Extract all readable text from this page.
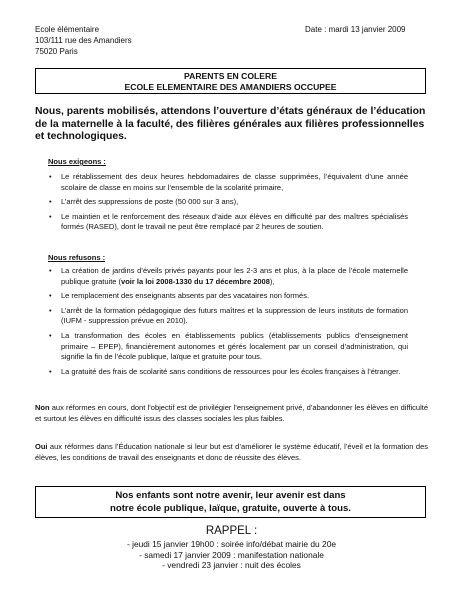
Ecole élémentaire
103/111 rue des Amandiers
75020 Paris
Date : mardi 13 janvier 2009
PARENTS EN COLERE
ECOLE ELEMENTAIRE DES AMANDIERS OCCUPEE
Nous, parents mobilisés, attendons l’ouverture d’états généraux de l’éducation de la maternelle à la faculté, des filières générales aux filières professionnelles et technologiques.
Nous exigeons :
• Le rétablissement des deux heures hebdomadaires de classe supprimées, l’équivalent d’une année scolaire de classe en moins sur l’ensemble de la scolarité primaire,
• L’arrêt des suppressions de poste (50 000 sur 3 ans),
• Le maintien et le renforcement des réseaux d’aide aux élèves en difficulté par des maîtres spécialisés formés (RASED), dont le travail ne peut être remplacé par 2 heures de soutien.
Nous refusons :
• La création de jardins d’éveils privés payants pour les 2-3 ans et plus, à la place de l’école maternelle publique gratuite (voir la loi 2008-1330 du 17 décembre 2008),
• Le remplacement des enseignants absents par des vacataires non formés.
• L’arrêt de la formation pédagogique des futurs maîtres et la suppression de leurs instituts de formation (IUFM - suppression prévue en 2010).
• La transformation des écoles en établissements publics (établissements publics d’enseignement primaire – EPEP), financièrement autonomes et gérés localement par un conseil d’administration, qui signifie la fin de l’école publique, laïque et gratuite pour tous.
• La gratuité des frais de scolarité sans conditions de ressources pour les écoles françaises à l’étranger.

Non aux réformes en cours, dont l’objectif est de privilégier l’enseignement privé, d’abandonner les élèves en difficulté et surtout les élèves en difficulté issus des classes sociales les plus faibles.

Oui aux réformes dans l’Éducation nationale si leur but est d’améliorer le système éducatif, l’éveil et la formation des élèves, les conditions de travail des enseignants et donc de réussite des élèves.

Nos enfants sont notre avenir, leur avenir est dans
notre école publique, laïque, gratuite, ouverte à tous.
RAPPEL :
- jeudi 15 janvier 19h00 : soirée info/débat mairie du 20e
- samedi 17 janvier 2009 : manifestation nationale
- vendredi 23 janvier : nuit des écoles
